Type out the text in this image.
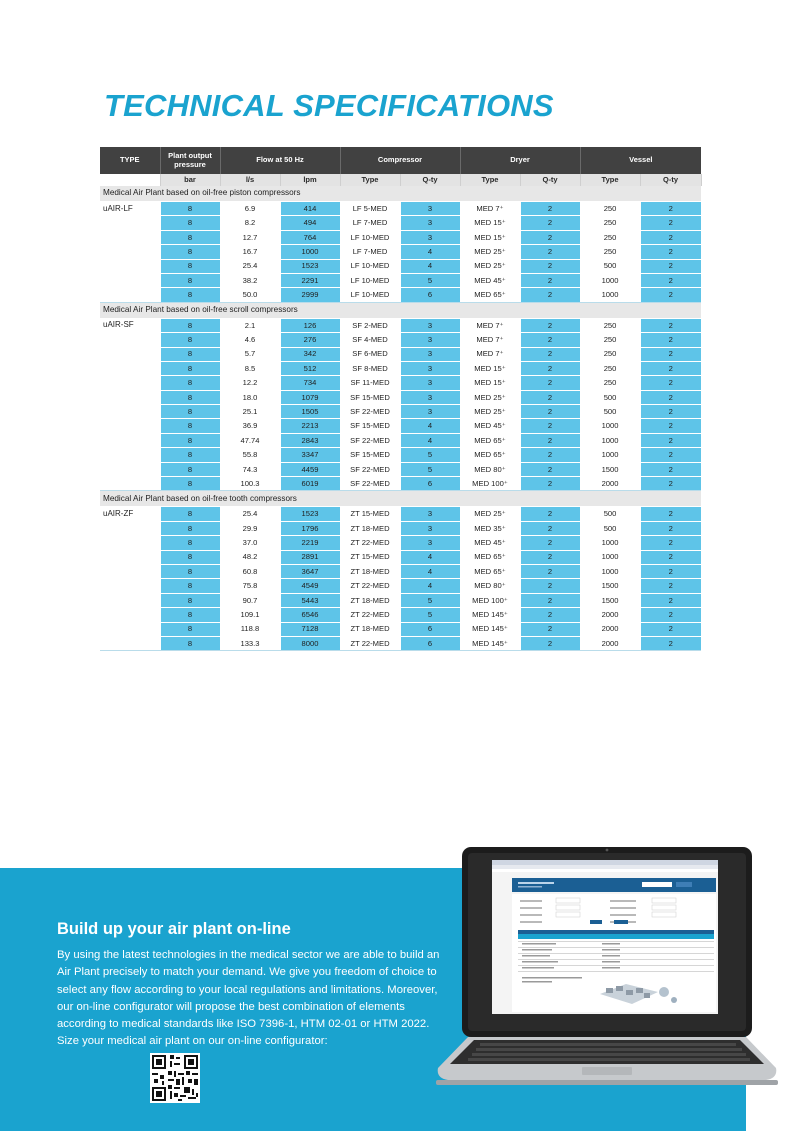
TECHNICAL SPECIFICATIONS
TYPE	Plant output pressure	Flow at 50 Hz		Compressor		Dryer		Vessel	
	bar	l/s	lpm	Type	Q-ty	Type	Q-ty	Type	Q-ty
Medical Air Plant based on oil-free piston compressors									
uAIR-LF	8	6.9	414	LF 5-MED	3	MED 7⁺	2	250	2
	8	8.2	494	LF 7-MED	3	MED 15⁺	2	250	2
	8	12.7	764	LF 10-MED	3	MED 15⁺	2	250	2
	8	16.7	1000	LF 7-MED	4	MED 25⁺	2	250	2
	8	25.4	1523	LF 10-MED	4	MED 25⁺	2	500	2
	8	38.2	2291	LF 10-MED	5	MED 45⁺	2	1000	2
	8	50.0	2999	LF 10-MED	6	MED 65⁺	2	1000	2
Medical Air Plant based on oil-free scroll compressors									
uAIR-SF	8	2.1	126	SF 2-MED	3	MED 7⁺	2	250	2
	8	4.6	276	SF 4-MED	3	MED 7⁺	2	250	2
	8	5.7	342	SF 6-MED	3	MED 7⁺	2	250	2
	8	8.5	512	SF 8-MED	3	MED 15⁺	2	250	2
	8	12.2	734	SF 11-MED	3	MED 15⁺	2	250	2
	8	18.0	1079	SF 15-MED	3	MED 25⁺	2	500	2
	8	25.1	1505	SF 22-MED	3	MED 25⁺	2	500	2
	8	36.9	2213	SF 15-MED	4	MED 45⁺	2	1000	2
	8	47.74	2843	SF 22-MED	4	MED 65⁺	2	1000	2
	8	55.8	3347	SF 15-MED	5	MED 65⁺	2	1000	2
	8	74.3	4459	SF 22-MED	5	MED 80⁺	2	1500	2
	8	100.3	6019	SF 22-MED	6	MED 100⁺	2	2000	2
Medical Air Plant based on oil-free tooth compressors									
uAIR-ZF	8	25.4	1523	ZT 15-MED	3	MED 25⁺	2	500	2
	8	29.9	1796	ZT 18-MED	3	MED 35⁺	2	500	2
	8	37.0	2219	ZT 22-MED	3	MED 45⁺	2	1000	2
	8	48.2	2891	ZT 15-MED	4	MED 65⁺	2	1000	2
	8	60.8	3647	ZT 18-MED	4	MED 65⁺	2	1000	2
	8	75.8	4549	ZT 22-MED	4	MED 80⁺	2	1500	2
	8	90.7	5443	ZT 18-MED	5	MED 100⁺	2	1500	2
	8	109.1	6546	ZT 22-MED	5	MED 145⁺	2	2000	2
	8	118.8	7128	ZT 18-MED	6	MED 145⁺	2	2000	2
	8	133.3	8000	ZT 22-MED	6	MED 145⁺	2	2000	2
Build up your air plant on-line

By using the latest technologies in the medical sector we are able to build an Air Plant precisely to match your demand. We give you freedom of choice to select any flow according to your local regulations and limitations. Moreover, our on-line configurator will propose the best combination of elements according to medical standards like ISO 7396-1, HTM 02-01 or HTM 2022. Size your medical air plant on our on-line configurator:
